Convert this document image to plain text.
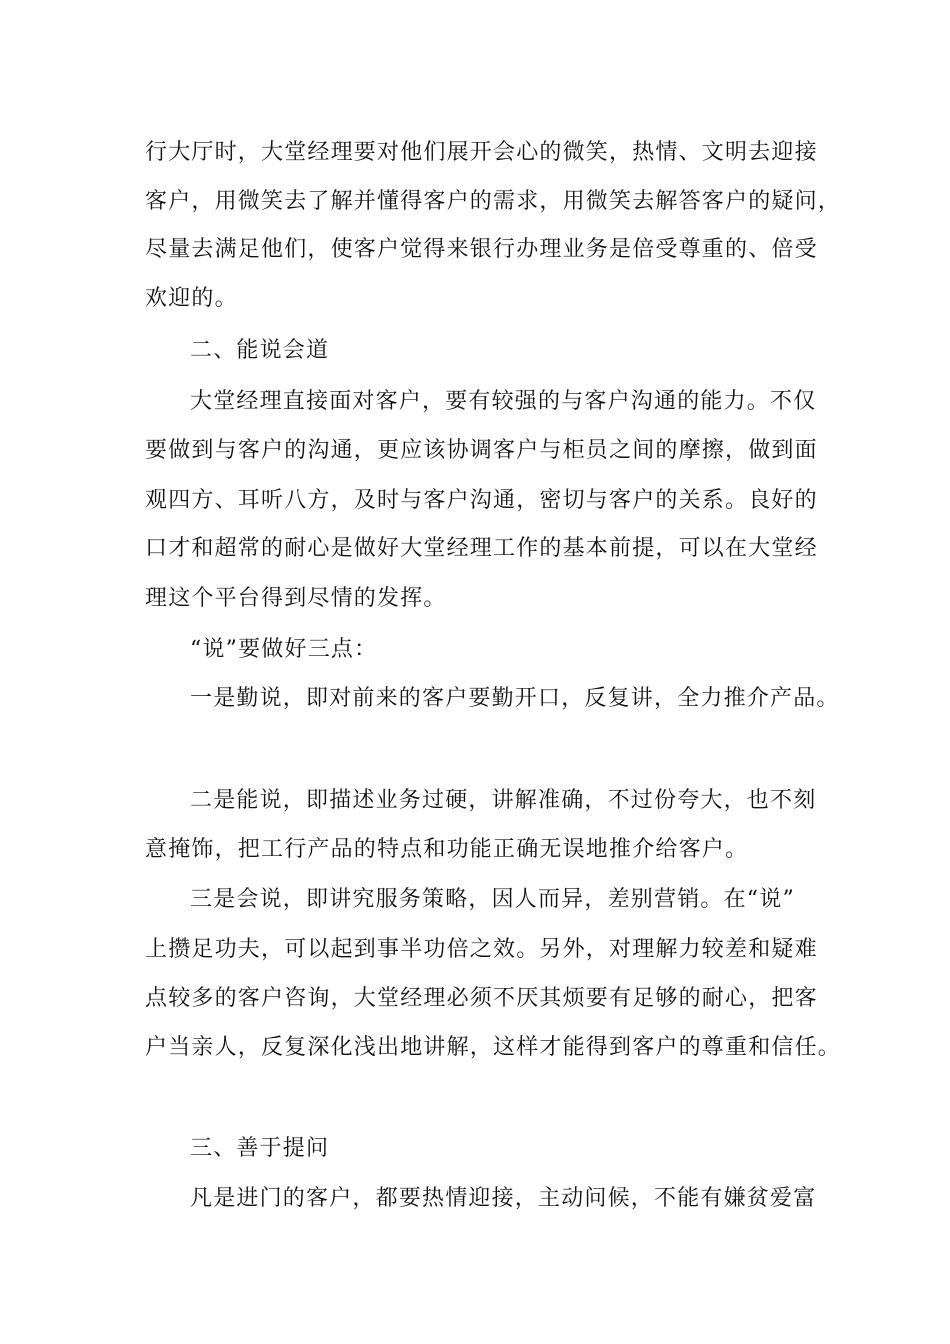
行大厅时，大堂经理要对他们展开会心的微笑，热情、文明去迎接
客户，用微笑去了解并懂得客户的需求，用微笑去解答客户的疑问，
尽量去满足他们，使客户觉得来银行办理业务是倍受尊重的、倍受
欢迎的。
二、能说会道
大堂经理直接面对客户，要有较强的与客户沟通的能力。不仅
要做到与客户的沟通，更应该协调客户与柜员之间的摩擦，做到面
观四方、耳听八方，及时与客户沟通，密切与客户的关系。良好的
口才和超常的耐心是做好大堂经理工作的基本前提，可以在大堂经
理这个平台得到尽情的发挥。
“说”要做好三点：
一是勤说，即对前来的客户要勤开口，反复讲，全力推介产品。
二是能说，即描述业务过硬，讲解准确，不过份夸大，也不刻
意掩饰，把工行产品的特点和功能正确无误地推介给客户。
三是会说，即讲究服务策略，因人而异，差别营销。在“说”
上攒足功夫，可以起到事半功倍之效。另外，对理解力较差和疑难
点较多的客户咨询，大堂经理必须不厌其烦要有足够的耐心，把客
户当亲人，反复深化浅出地讲解，这样才能得到客户的尊重和信任。
三、善于提问
凡是进门的客户，都要热情迎接，主动问候，不能有嫌贫爱富
